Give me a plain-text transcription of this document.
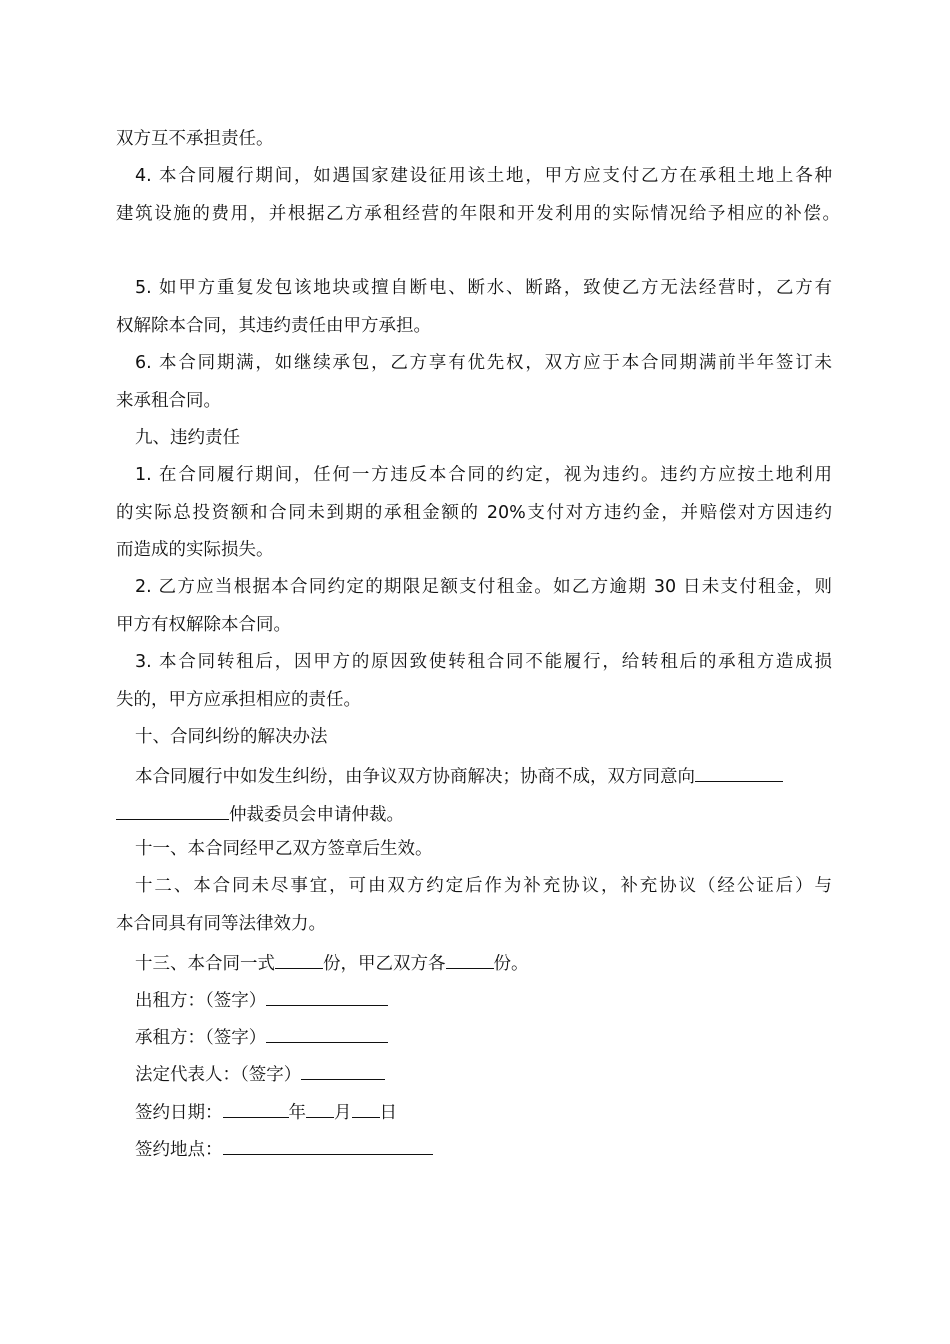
双方互不承担责任。
4. 本合同履行期间，如遇国家建设征用该土地，甲方应支付乙方在承租土地上各种
建筑设施的费用，并根据乙方承租经营的年限和开发利用的实际情况给予相应的补偿。
5. 如甲方重复发包该地块或擅自断电、断水、断路，致使乙方无法经营时，乙方有
权解除本合同，其违约责任由甲方承担。
6. 本合同期满，如继续承包，乙方享有优先权，双方应于本合同期满前半年签订未
来承租合同。
九、违约责任
1. 在合同履行期间，任何一方违反本合同的约定，视为违约。违约方应按土地利用
的实际总投资额和合同未到期的承租金额的 20%支付对方违约金，并赔偿对方因违约
而造成的实际损失。
2. 乙方应当根据本合同约定的期限足额支付租金。如乙方逾期 30 日未支付租金，则
甲方有权解除本合同。
3. 本合同转租后，因甲方的原因致使转租合同不能履行，给转租后的承租方造成损
失的，甲方应承担相应的责任。
十、合同纠纷的解决办法
本合同履行中如发生纠纷，由争议双方协商解决；协商不成，双方同意向
仲裁委员会申请仲裁。
十一、本合同经甲乙双方签章后生效。
十二、本合同未尽事宜，可由双方约定后作为补充协议，补充协议（经公证后）与
本合同具有同等法律效力。
十三、本合同一式	份，甲乙双方各	份。
出租方：（签字）
承租方：（签字）
法定代表人：（签字）
签约日期：	年 月 日
签约地点：
